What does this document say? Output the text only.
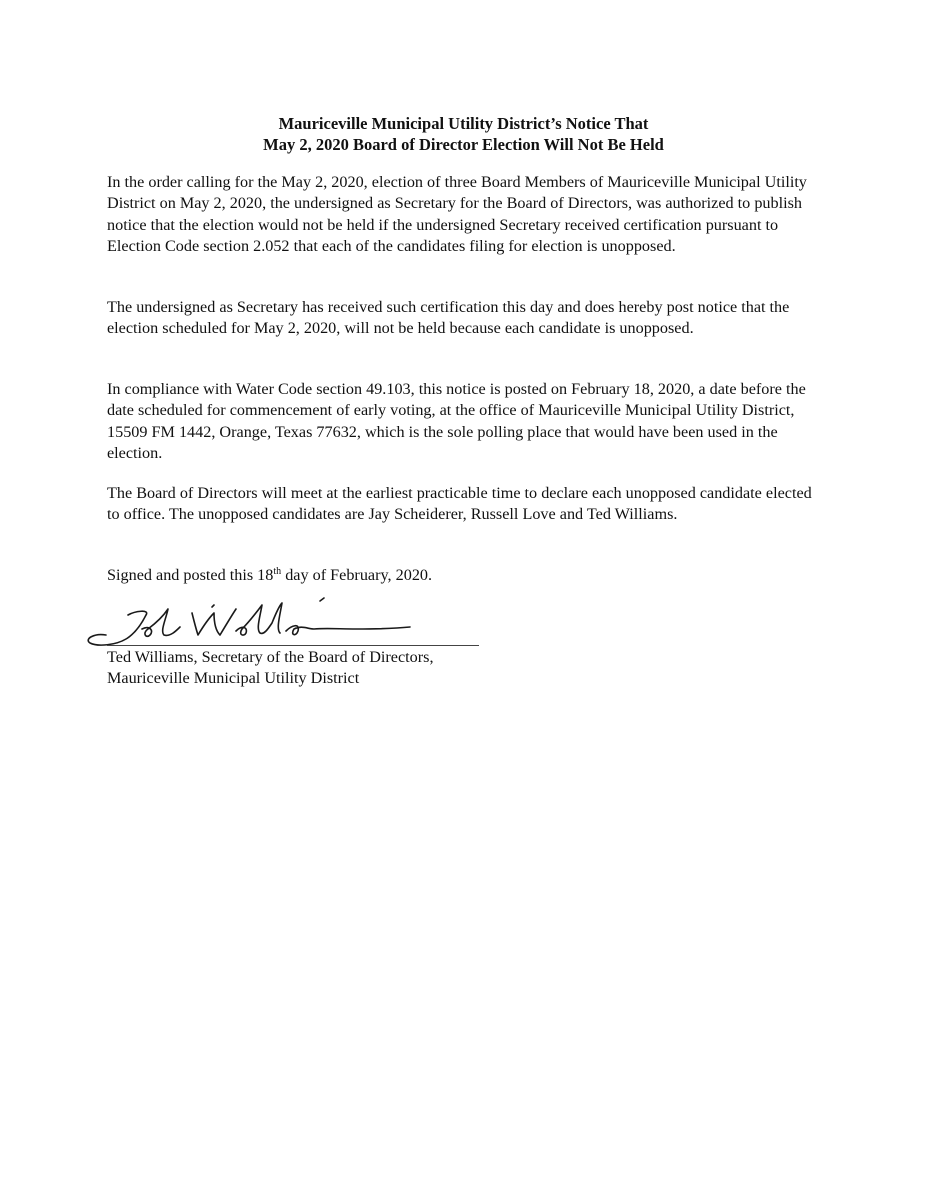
Mauriceville Municipal Utility District’s Notice That
May 2, 2020 Board of Director Election Will Not Be Held

In the order calling for the May 2, 2020, election of three Board Members of Mauriceville Municipal Utility District on May 2, 2020, the undersigned as Secretary for the Board of Directors, was authorized to publish notice that the election would not be held if the undersigned Secretary received certification pursuant to Election Code section 2.052 that each of the candidates filing for election is unopposed.

The undersigned as Secretary has received such certification this day and does hereby post notice that the election scheduled for May 2, 2020, will not be held because each candidate is unopposed.

In compliance with Water Code section 49.103, this notice is posted on February 18, 2020, a date before the date scheduled for commencement of early voting, at the office of Mauriceville Municipal Utility District, 15509 FM 1442, Orange, Texas 77632, which is the sole polling place that would have been used in the election.

The Board of Directors will meet at the earliest practicable time to declare each unopposed candidate elected to office. The unopposed candidates are Jay Scheiderer, Russell Love and Ted Williams.

Signed and posted this 18th day of February, 2020.

Ted Williams, Secretary of the Board of Directors,
Mauriceville Municipal Utility District
